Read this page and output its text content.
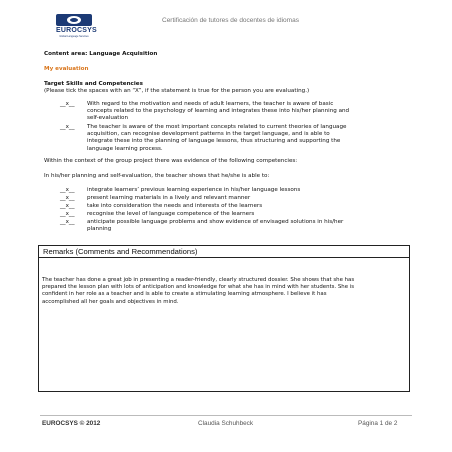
EUROCSYS
Global Language Services
Certificación de tutores de docentes de idiomas
Content area: Language Acquisition
My evaluation
Target Skills and Competencies
(Please tick the spaces with an “X”, if the statement is true for the person you are evaluating.)
__x__ With regard to the motivation and needs of adult learners, the teacher is aware of basic
concepts related to the psychology of learning and integrates these into his/her planning and
self-evaluation
__x__ The teacher is aware of the most important concepts related to current theories of language
acquisition, can recognise development patterns in the target language, and is able to
integrate these into the planning of language lessons, thus structuring and supporting the
language learning process.
Within the context of the group project there was evidence of the following competencies:
In his/her planning and self-evaluation, the teacher shows that he/she is able to:
__x__ integrate learners’ previous learning experience in his/her language lessons
__x__ present learning materials in a lively and relevant manner
__x__ take into consideration the needs and interests of the learners
__x__ recognise the level of language competence of the learners
__x__ anticipate possible language problems and show evidence of envisaged solutions in his/her
planning
Remarks (Comments and Recommendations)
The teacher has done a great job in presenting a reader-friendly, clearly structured dossier. She shows that she has
prepared the lesson plan with lots of anticipation and knowledge for what she has in mind with her students. She is
confident in her role as a teacher and is able to create a stimulating learning atmosphere. I believe it has
accomplished all her goals and objectives in mind.
EUROCSYS © 2012	Claudia Schuhbeck	Página 1 de 2
